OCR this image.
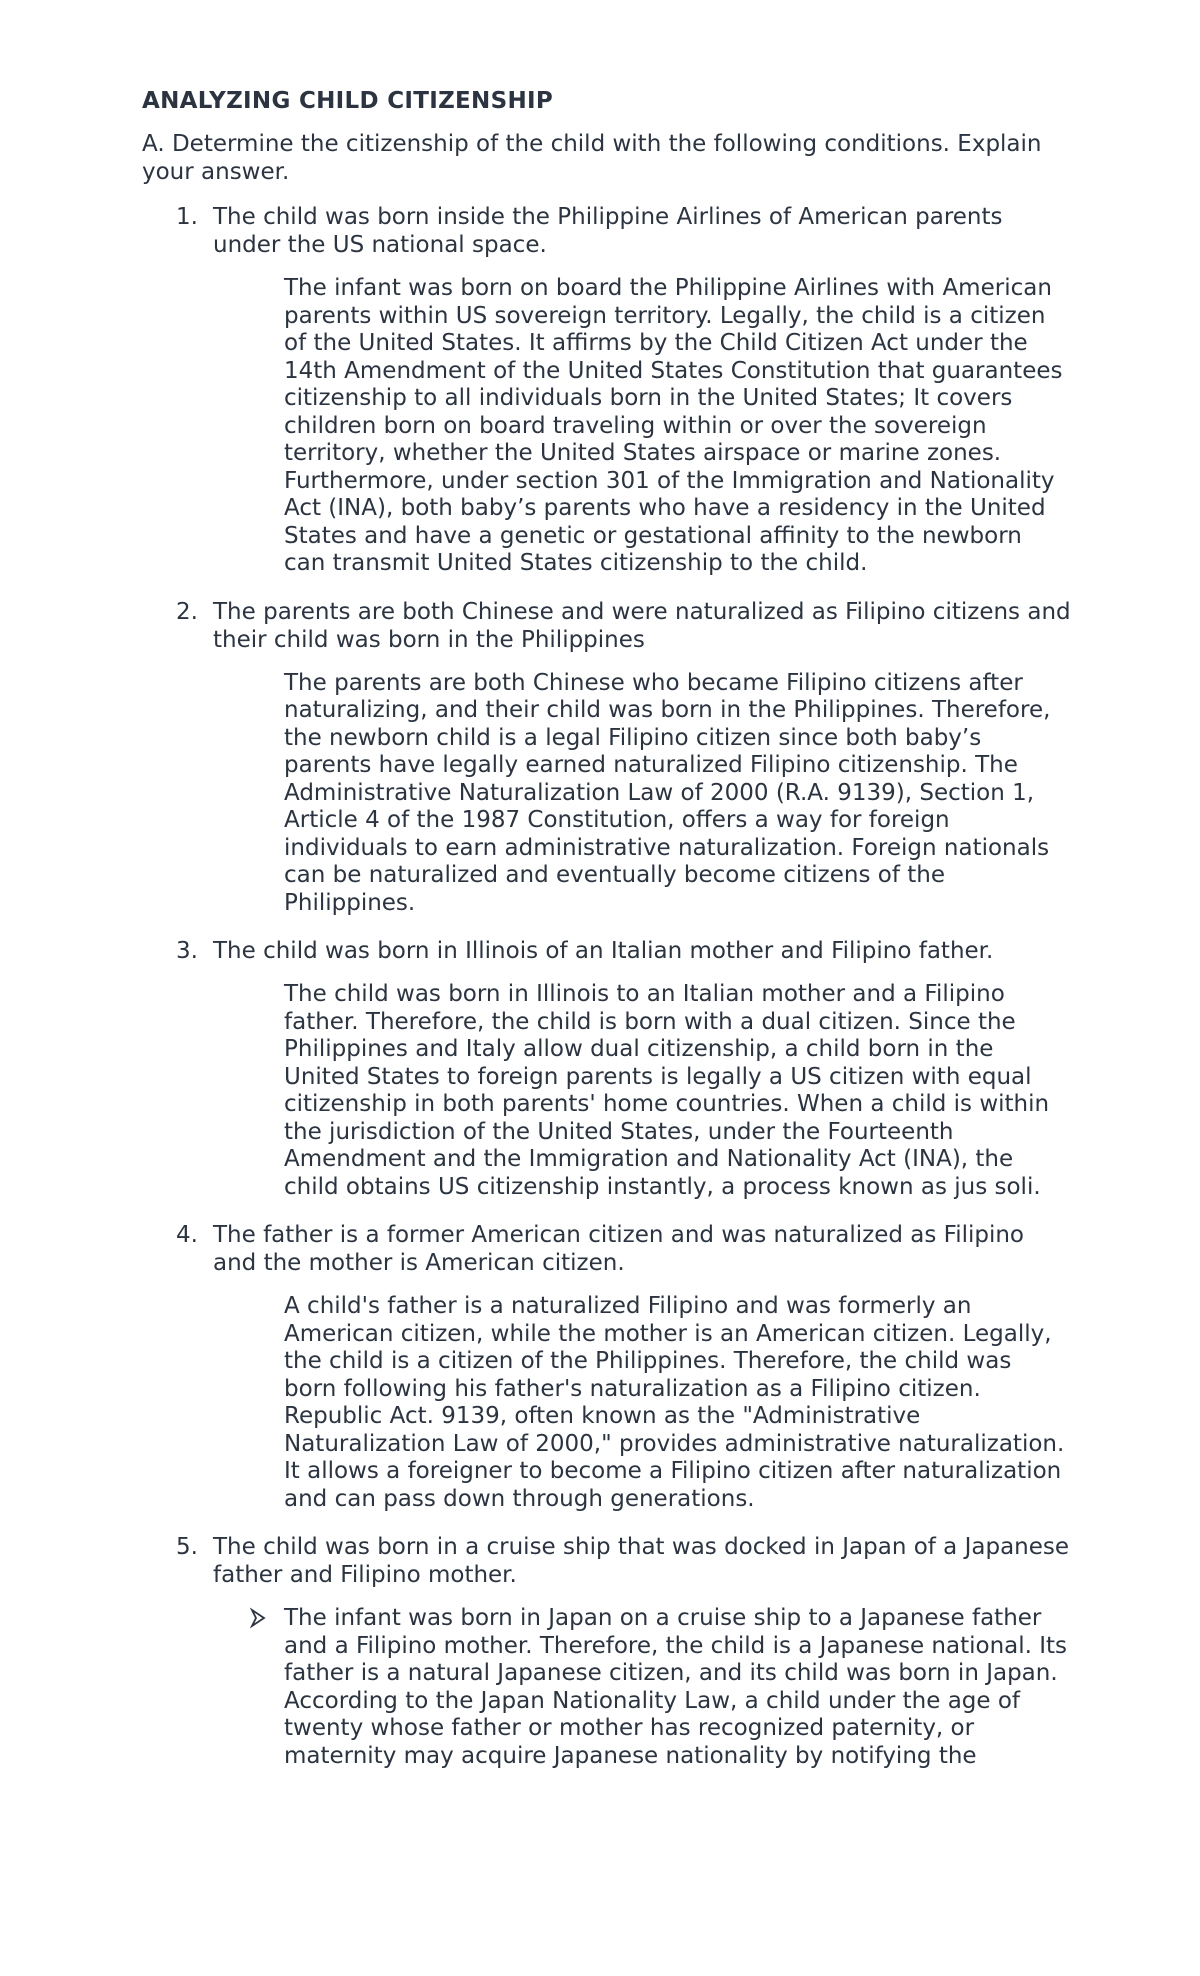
ANALYZING CHILD CITIZENSHIP
A. Determine the citizenship of the child with the following conditions. Explain your answer.
1. The child was born inside the Philippine Airlines of American parents under the US national space.
The infant was born on board the Philippine Airlines with American parents within US sovereign territory. Legally, the child is a citizen of the United States. It affirms by the Child Citizen Act under the 14th Amendment of the United States Constitution that guarantees citizenship to all individuals born in the United States; It covers children born on board traveling within or over the sovereign territory, whether the United States airspace or marine zones. Furthermore, under section 301 of the Immigration and Nationality Act (INA), both baby’s parents who have a residency in the United States and have a genetic or gestational affinity to the newborn can transmit United States citizenship to the child.
2. The parents are both Chinese and were naturalized as Filipino citizens and their child was born in the Philippines
The parents are both Chinese who became Filipino citizens after naturalizing, and their child was born in the Philippines. Therefore, the newborn child is a legal Filipino citizen since both baby’s parents have legally earned naturalized Filipino citizenship. The Administrative Naturalization Law of 2000 (R.A. 9139), Section 1, Article 4 of the 1987 Constitution, offers a way for foreign individuals to earn administrative naturalization. Foreign nationals can be naturalized and eventually become citizens of the Philippines.
3. The child was born in Illinois of an Italian mother and Filipino father.
The child was born in Illinois to an Italian mother and a Filipino father. Therefore, the child is born with a dual citizen. Since the Philippines and Italy allow dual citizenship, a child born in the United States to foreign parents is legally a US citizen with equal citizenship in both parents' home countries. When a child is within the jurisdiction of the United States, under the Fourteenth Amendment and the Immigration and Nationality Act (INA), the child obtains US citizenship instantly, a process known as jus soli.
4. The father is a former American citizen and was naturalized as Filipino and the mother is American citizen.
A child's father is a naturalized Filipino and was formerly an American citizen, while the mother is an American citizen. Legally, the child is a citizen of the Philippines. Therefore, the child was born following his father's naturalization as a Filipino citizen. Republic Act. 9139, often known as the "Administrative Naturalization Law of 2000," provides administrative naturalization. It allows a foreigner to become a Filipino citizen after naturalization and can pass down through generations.
5. The child was born in a cruise ship that was docked in Japan of a Japanese father and Filipino mother.
The infant was born in Japan on a cruise ship to a Japanese father and a Filipino mother. Therefore, the child is a Japanese national. Its father is a natural Japanese citizen, and its child was born in Japan. According to the Japan Nationality Law, a child under the age of twenty whose father or mother has recognized paternity, or maternity may acquire Japanese nationality by notifying the
